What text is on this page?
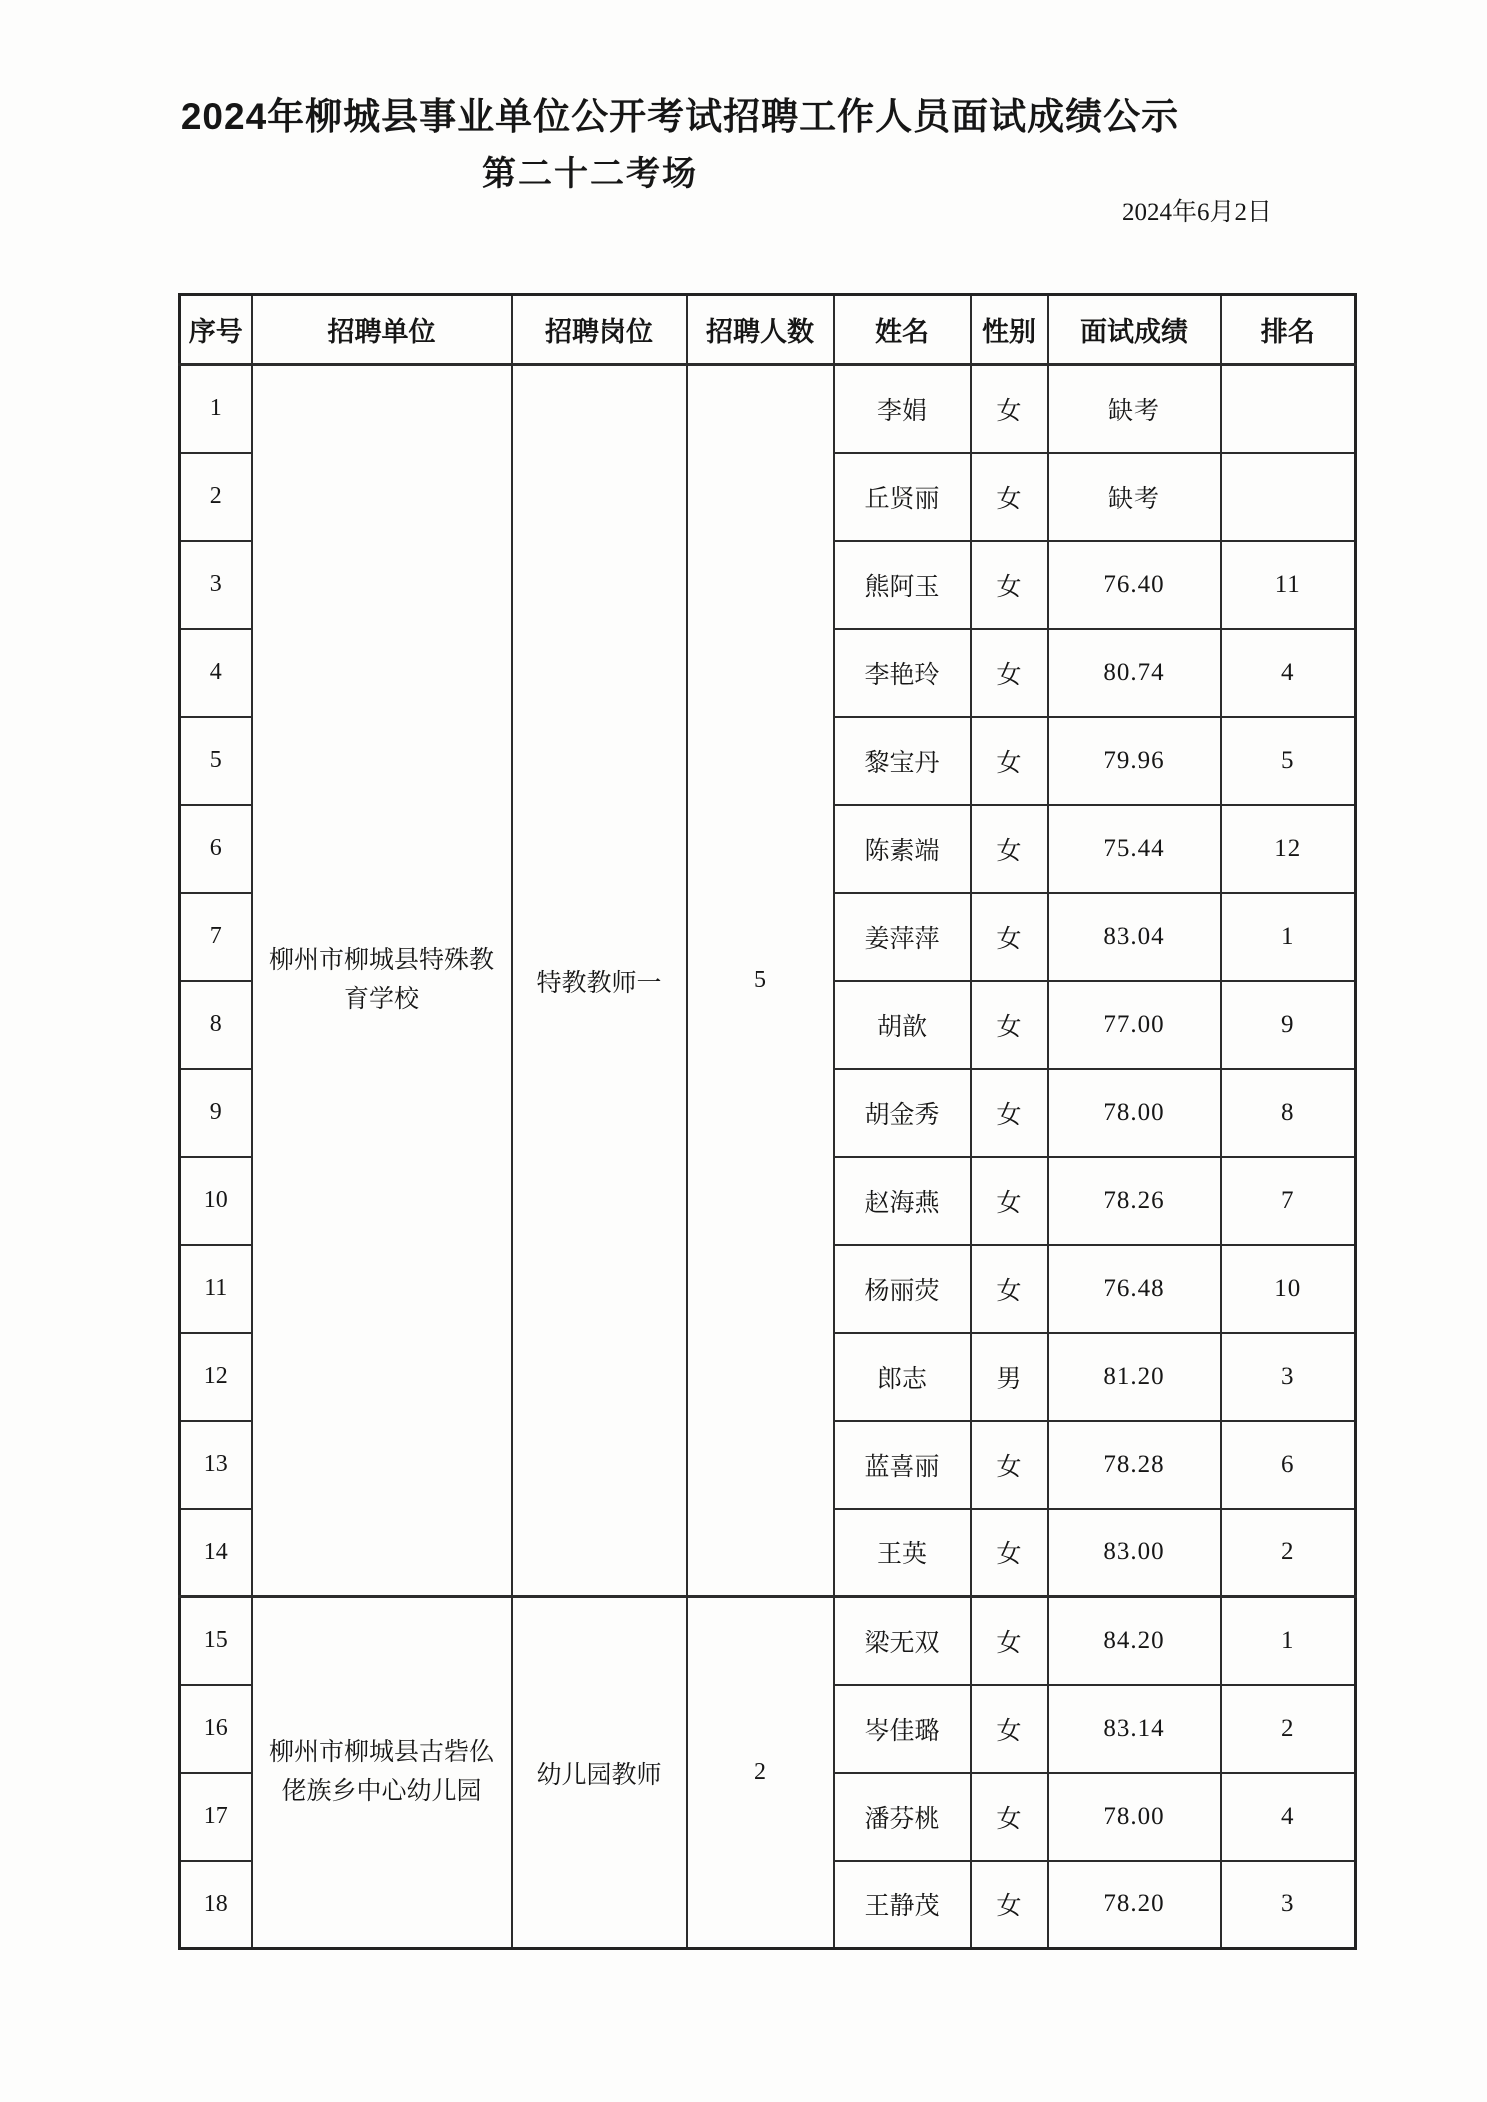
2024年柳城县事业单位公开考试招聘工作人员面试成绩公示
第二十二考场
2024年6月2日
序号	招聘单位	招聘岗位	招聘人数	姓名	性别	面试成绩	排名
1	柳州市柳城县特殊教育学校	特教教师一	5	李娟	女	缺考	
2				丘贤丽	女	缺考	
3				熊阿玉	女	76.40	11
4				李艳玲	女	80.74	4
5				黎宝丹	女	79.96	5
6				陈素端	女	75.44	12
7				姜萍萍	女	83.04	1
8				胡歆	女	77.00	9
9				胡金秀	女	78.00	8
10				赵海燕	女	78.26	7
11				杨丽荧	女	76.48	10
12				郎志	男	81.20	3
13				蓝喜丽	女	78.28	6
14				王英	女	83.00	2
15	柳州市柳城县古砦仫佬族乡中心幼儿园	幼儿园教师	2	梁无双	女	84.20	1
16				岑佳璐	女	83.14	2
17				潘芬桃	女	78.00	4
18				王静茂	女	78.20	3
